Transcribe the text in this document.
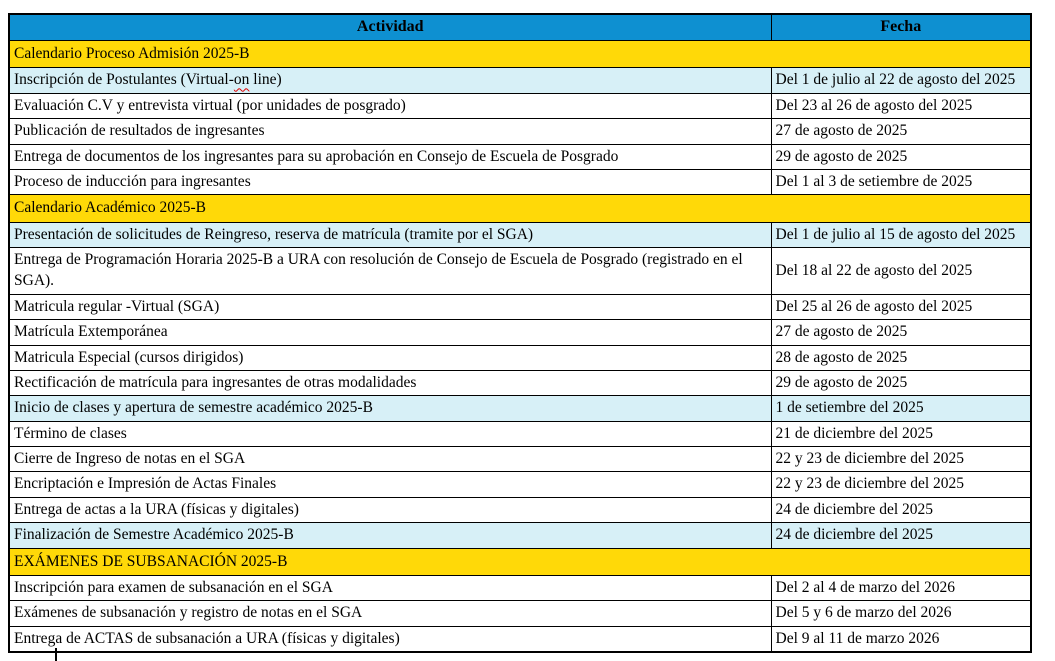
Actividad	Fecha
Calendario Proceso Admisión 2025-B	
Inscripción de Postulantes (Virtual-on line)	Del 1 de julio al 22 de agosto del 2025
Evaluación C.V y entrevista virtual (por unidades de posgrado)	Del 23 al 26 de agosto del 2025
Publicación de resultados de ingresantes	27 de agosto de 2025
Entrega de documentos de los ingresantes para su aprobación en Consejo de Escuela de Posgrado	29 de agosto de 2025
Proceso de inducción para ingresantes	Del 1 al 3 de setiembre de 2025
Calendario Académico 2025-B	
Presentación de solicitudes de Reingreso, reserva de matrícula (tramite por el SGA)	Del 1 de julio al 15 de agosto del 2025
Entrega de Programación Horaria 2025-B a URA con resolución de Consejo de Escuela de Posgrado (registrado en el SGA).	Del 18 al 22 de agosto del 2025
Matricula regular -Virtual (SGA)	Del 25 al 26 de agosto del 2025
Matrícula Extemporánea	27 de agosto de 2025
Matricula Especial (cursos dirigidos)	28 de agosto de 2025
Rectificación de matrícula para ingresantes de otras modalidades	29 de agosto de 2025
Inicio de clases y apertura de semestre académico 2025-B	1 de setiembre del 2025
Término de clases	21 de diciembre del 2025
Cierre de Ingreso de notas en el SGA	22 y 23 de diciembre del 2025
Encriptación e Impresión de Actas Finales	22 y 23 de diciembre del 2025
Entrega de actas a la URA (físicas y digitales)	24 de diciembre del 2025
Finalización de Semestre Académico 2025-B	24 de diciembre del 2025
EXÁMENES DE SUBSANACIÓN 2025-B	
Inscripción para examen de subsanación en el SGA	Del 2 al 4 de marzo del 2026
Exámenes de subsanación y registro de notas en el SGA	Del 5 y 6 de marzo del 2026
Entrega de ACTAS de subsanación a URA (físicas y digitales)	Del 9 al 11 de marzo 2026
